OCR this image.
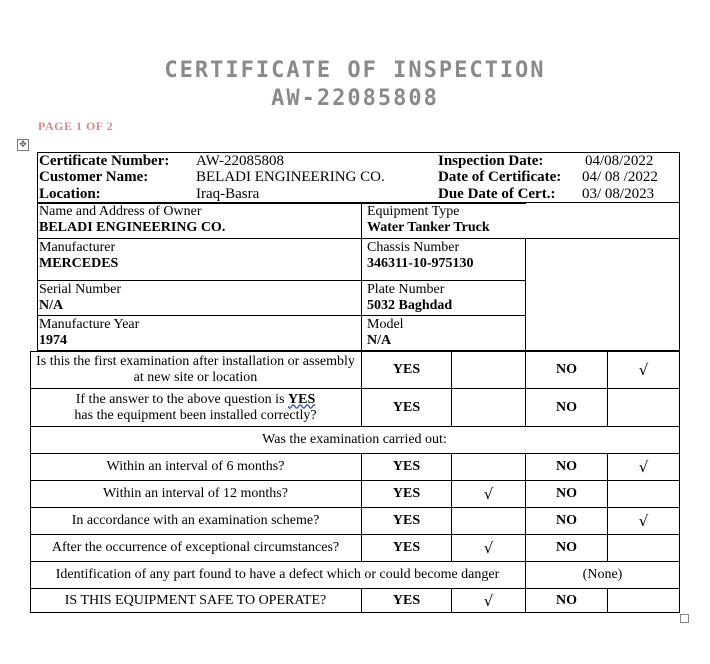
CERTIFICATE OF INSPECTION
AW-22085808
PAGE 1 OF 2
✥
Certificate Number: AW-22085808	Inspection Date:	04/08/2022
Customer Name:	BELADI ENGINEERING CO.	Date of Certificate: 04/ 08 /2022
Location:	Iraq-Basra	Due Date of Cert.: 03/ 08/2023
Name and Address of Owner
BELADI ENGINEERING CO.
Equipment Type
Water Tanker Truck
Manufacturer
MERCEDES
Chassis Number
346311-10-975130
Serial Number
N/A
Plate Number
5032 Baghdad
Manufacture Year
1974
Model
N/A
Is this the first examination after installation or assembly at new site or location
YES	NO	√
If the answer to the above question is YES
has the equipment been installed correctly?
YES	NO
Was the examination carried out:
Within an interval of 6 months?	YES	NO	√
Within an interval of 12 months?	YES	√	NO
In accordance with an examination scheme?	YES	NO	√
After the occurrence of exceptional circumstances?	YES	√	NO
Identification of any part found to have a defect which or could become danger	(None)
IS THIS EQUIPMENT SAFE TO OPERATE?	YES	√	NO
